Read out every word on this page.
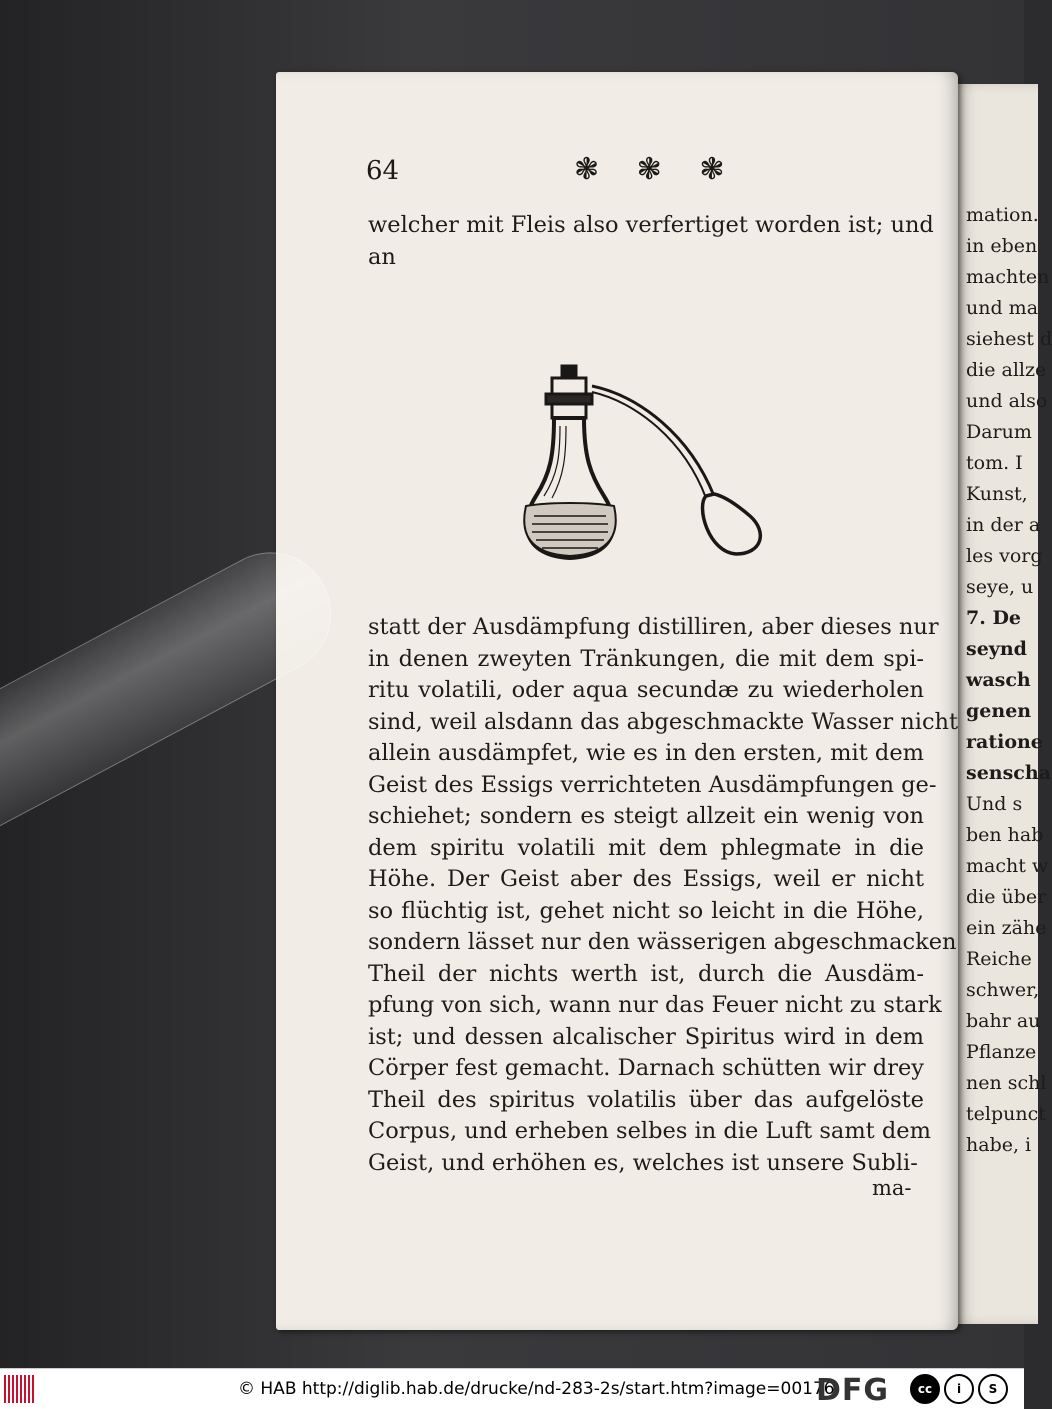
mation.
in eben
machten
und ma
siehest d
die allze
und also
Darum
tom. I
Kunst,
in der a
les vorg
seye, u
7. De
seynd
wasch
genen
ratione
senscha
Und s
ben hab
macht w
die über
ein zähe
Reiche
schwer,
bahr au
Pflanze
nen schl
telpunct
habe, i
64	❃ ❃ ❃
welcher mit Fleis also verfertiget worden ist; und
an
statt der Ausdämpfung distilliren, aber dieses nur
in denen zweyten Tränkungen, die mit dem spi-
ritu volatili, oder aqua secundæ zu wiederholen
sind, weil alsdann das abgeschmackte Wasser nicht
allein ausdämpfet, wie es in den ersten, mit dem
Geist des Essigs verrichteten Ausdämpfungen ge-
schiehet; sondern es steigt allzeit ein wenig von
dem spiritu volatili mit dem phlegmate in die
Höhe. Der Geist aber des Essigs, weil er nicht
so flüchtig ist, gehet nicht so leicht in die Höhe,
sondern lässet nur den wässerigen abgeschmacken
Theil der nichts werth ist, durch die Ausdäm-
pfung von sich, wann nur das Feuer nicht zu stark
ist; und dessen alcalischer Spiritus wird in dem
Cörper fest gemacht. Darnach schütten wir drey
Theil des spiritus volatilis über das aufgelöste
Corpus, und erheben selbes in die Luft samt dem
Geist, und erhöhen es, welches ist unsere Subli-
ma-
© HAB http://diglib.hab.de/drucke/nd-283-2s/start.htm?image=00176
DFG	cc	i	S
